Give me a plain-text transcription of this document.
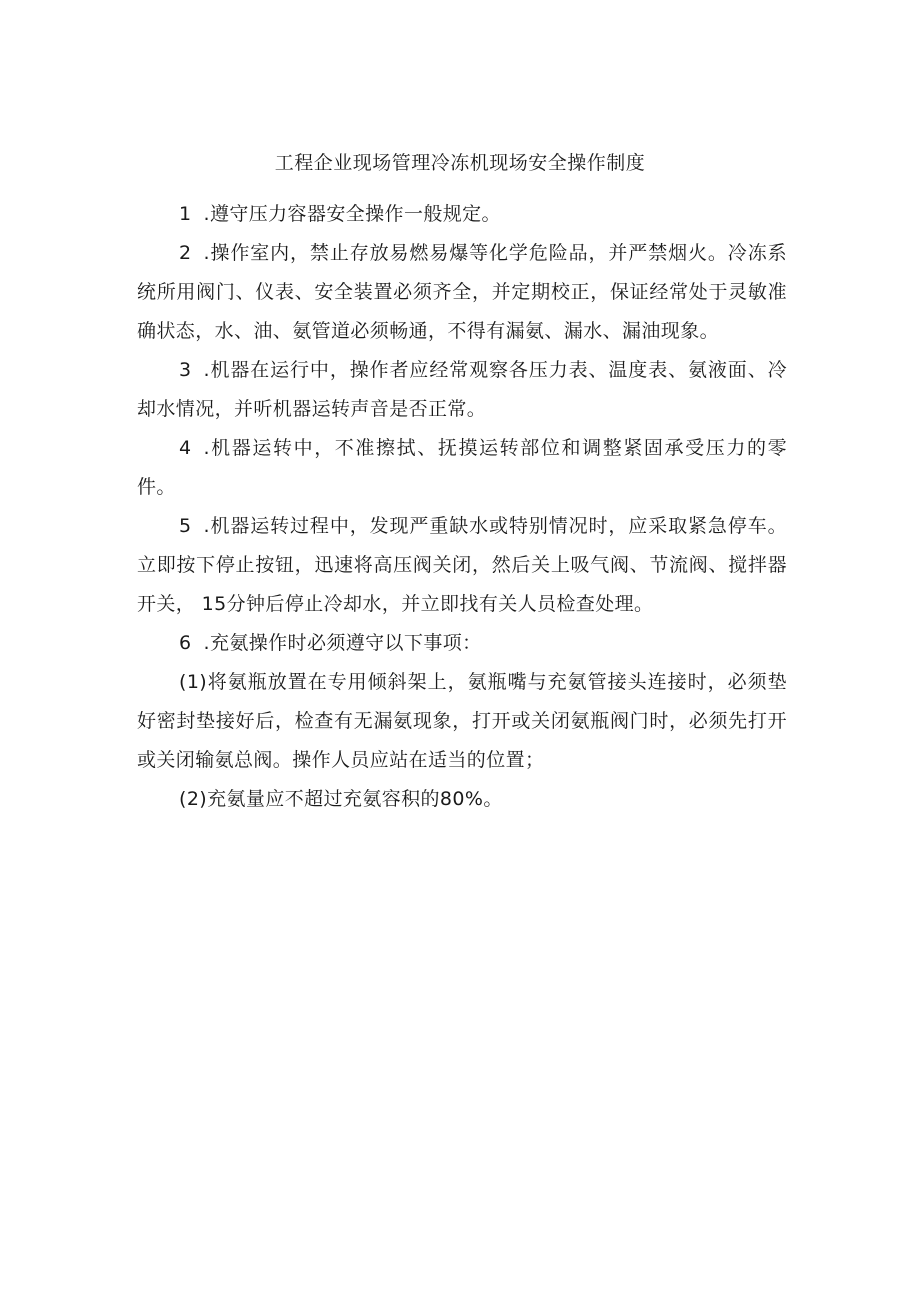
工程企业现场管理冷冻机现场安全操作制度

1 .遵守压力容器安全操作一般规定。

2 .操作室内，禁止存放易燃易爆等化学危险品，并严禁烟火。冷冻系统所用阀门、仪表、安全装置必须齐全，并定期校正，保证经常处于灵敏准确状态，水、油、氨管道必须畅通，不得有漏氨、漏水、漏油现象。

3 .机器在运行中，操作者应经常观察各压力表、温度表、氨液面、冷却水情况，并听机器运转声音是否正常。

4 .机器运转中，不准擦拭、抚摸运转部位和调整紧固承受压力的零件。

5 .机器运转过程中，发现严重缺水或特别情况时，应采取紧急停车。立即按下停止按钮，迅速将高压阀关闭，然后关上吸气阀、节流阀、搅拌器开关， 15分钟后停止冷却水，并立即找有关人员检查处理。

6 .充氨操作时必须遵守以下事项：

(1)将氨瓶放置在专用倾斜架上，氨瓶嘴与充氨管接头连接时，必须垫好密封垫接好后，检查有无漏氨现象，打开或关闭氨瓶阀门时，必须先打开或关闭输氨总阀。操作人员应站在适当的位置；

(2)充氨量应不超过充氨容积的80%。
